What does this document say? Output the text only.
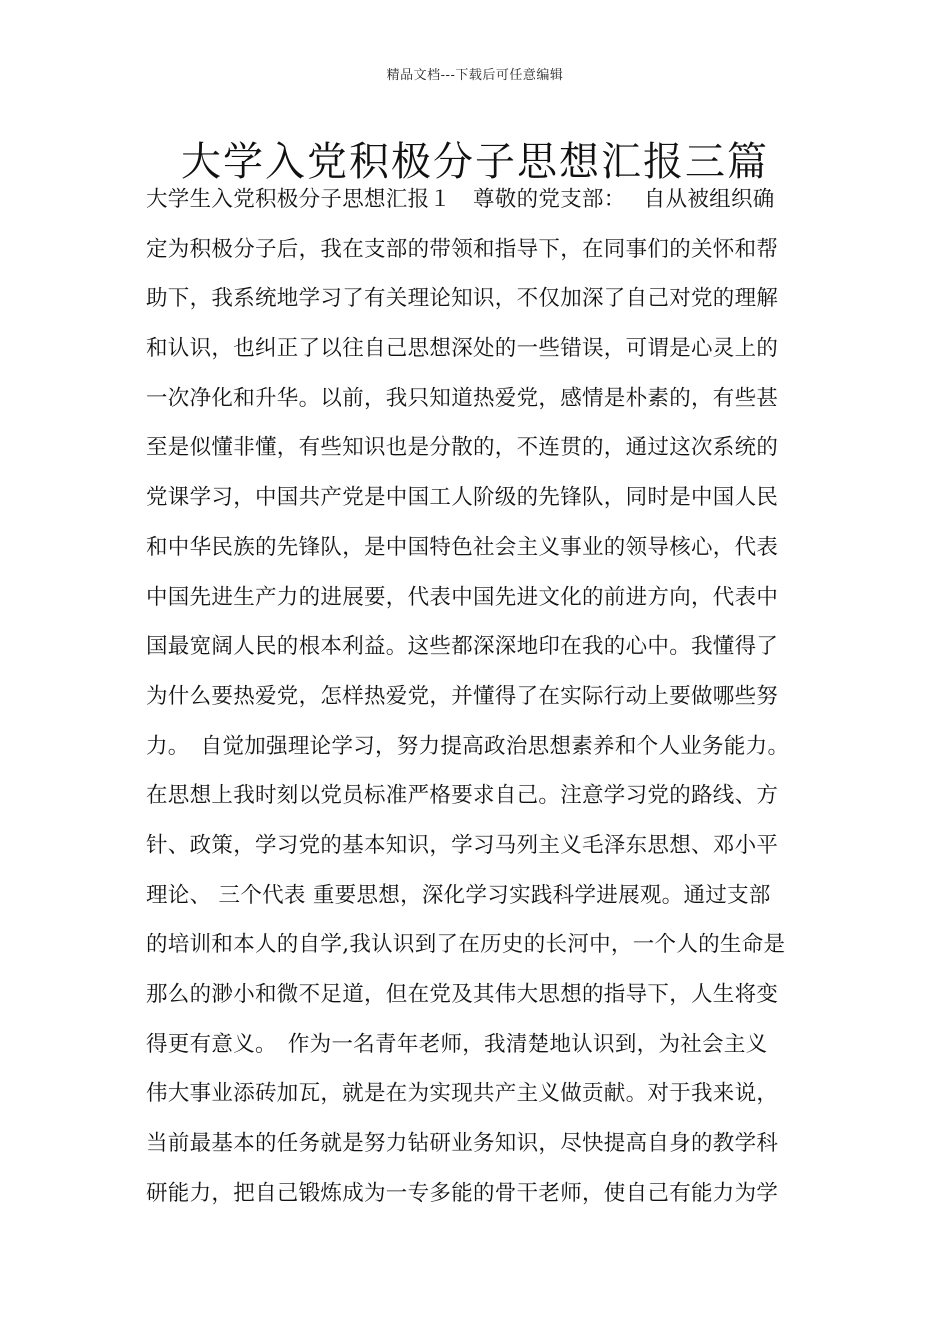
精品文档---下载后可任意编辑
大学入党积极分子思想汇报三篇
大学生入党积极分子思想汇报１　尊敬的党支部：　 自从被组织确
定为积极分子后，我在支部的带领和指导下，在同事们的关怀和帮
助下，我系统地学习了有关理论知识，不仅加深了自己对党的理解
和认识，也纠正了以往自己思想深处的一些错误，可谓是心灵上的
一次净化和升华。以前，我只知道热爱党，感情是朴素的，有些甚
至是似懂非懂，有些知识也是分散的，不连贯的，通过这次系统的
党课学习，中国共产党是中国工人阶级的先锋队，同时是中国人民
和中华民族的先锋队，是中国特色社会主义事业的领导核心，代表
中国先进生产力的进展要，代表中国先进文化的前进方向，代表中
国最宽阔人民的根本利益。这些都深深地印在我的心中。我懂得了
为什么要热爱党，怎样热爱党，并懂得了在实际行动上要做哪些努
力。　自觉加强理论学习，努力提高政治思想素养和个人业务能力。
在思想上我时刻以党员标准严格要求自己。注意学习党的路线、方
针、政策，学习党的基本知识，学习马列主义毛泽东思想、邓小平
理论、 三个代表 重要思想，深化学习实践科学进展观。通过支部
的培训和本人的自学,我认识到了在历史的长河中，一个人的生命是
那么的渺小和微不足道，但在党及其伟大思想的指导下，人生将变
得更有意义。　作为一名青年老师，我清楚地认识到，为社会主义
伟大事业添砖加瓦，就是在为实现共产主义做贡献。对于我来说，
当前最基本的任务就是努力钻研业务知识，尽快提高自身的教学科
研能力，把自己锻炼成为一专多能的骨干老师，使自己有能力为学
